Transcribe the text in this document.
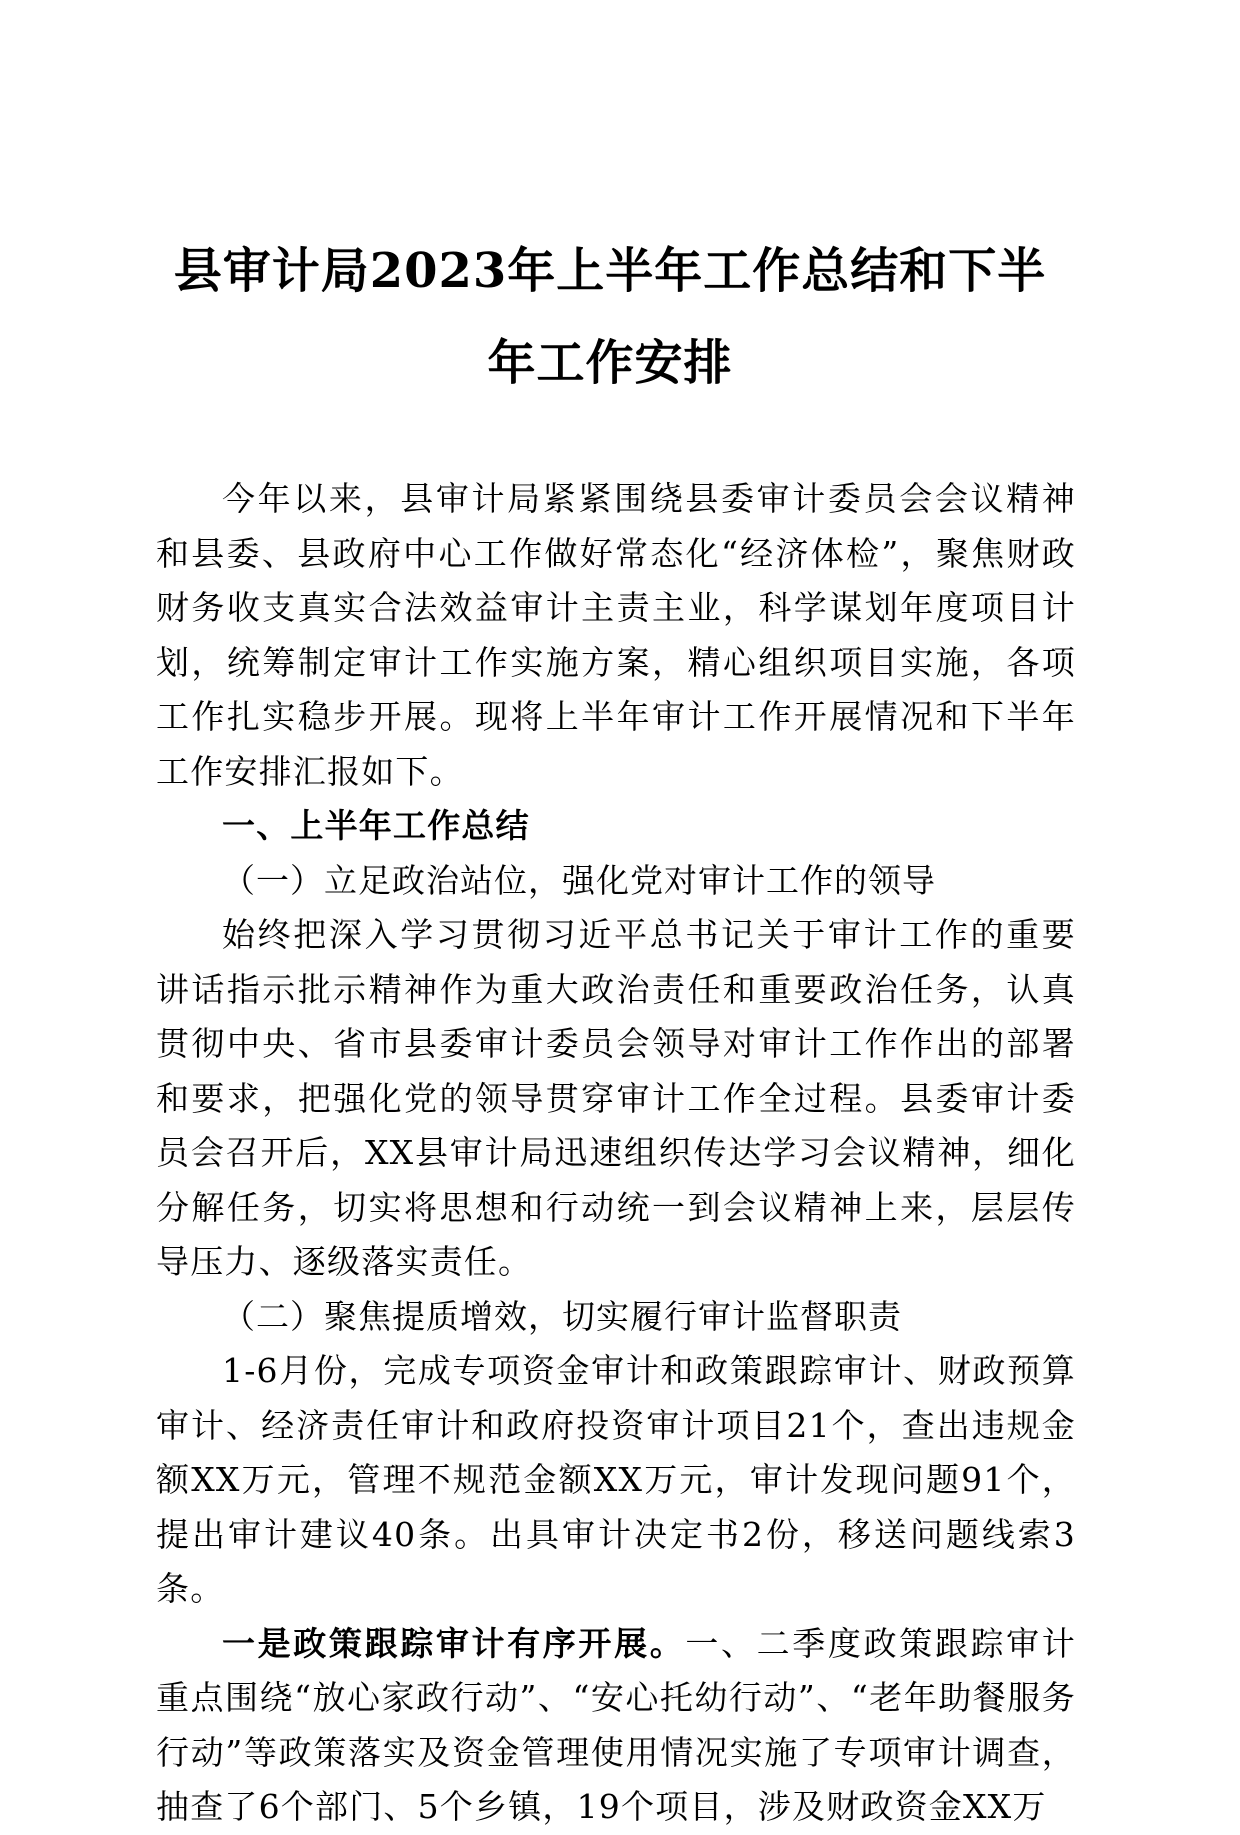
县审计局2023年上半年工作总结和下半年工作安排

今年以来，县审计局紧紧围绕县委审计委员会会议精神和县委、县政府中心工作做好常态化“经济体检”，聚焦财政财务收支真实合法效益审计主责主业，科学谋划年度项目计划，统筹制定审计工作实施方案，精心组织项目实施，各项工作扎实稳步开展。现将上半年审计工作开展情况和下半年工作安排汇报如下。

一、上半年工作总结

（一）立足政治站位，强化党对审计工作的领导

始终把深入学习贯彻习近平总书记关于审计工作的重要讲话指示批示精神作为重大政治责任和重要政治任务，认真贯彻中央、省市县委审计委员会领导对审计工作作出的部署和要求，把强化党的领导贯穿审计工作全过程。县委审计委员会召开后，XX县审计局迅速组织传达学习会议精神，细化分解任务，切实将思想和行动统一到会议精神上来，层层传导压力、逐级落实责任。

（二）聚焦提质增效，切实履行审计监督职责

1-6月份，完成专项资金审计和政策跟踪审计、财政预算审计、经济责任审计和政府投资审计项目21个，查出违规金额XX万元，管理不规范金额XX万元，审计发现问题91个，提出审计建议40条。出具审计决定书2份，移送问题线索3条。

一是政策跟踪审计有序开展。一、二季度政策跟踪审计重点围绕“放心家政行动”、“安心托幼行动”、“老年助餐服务行动”等政策落实及资金管理使用情况实施了专项审计调查，抽查了6个部门、5个乡镇，19个项目，涉及财政资金XX万
